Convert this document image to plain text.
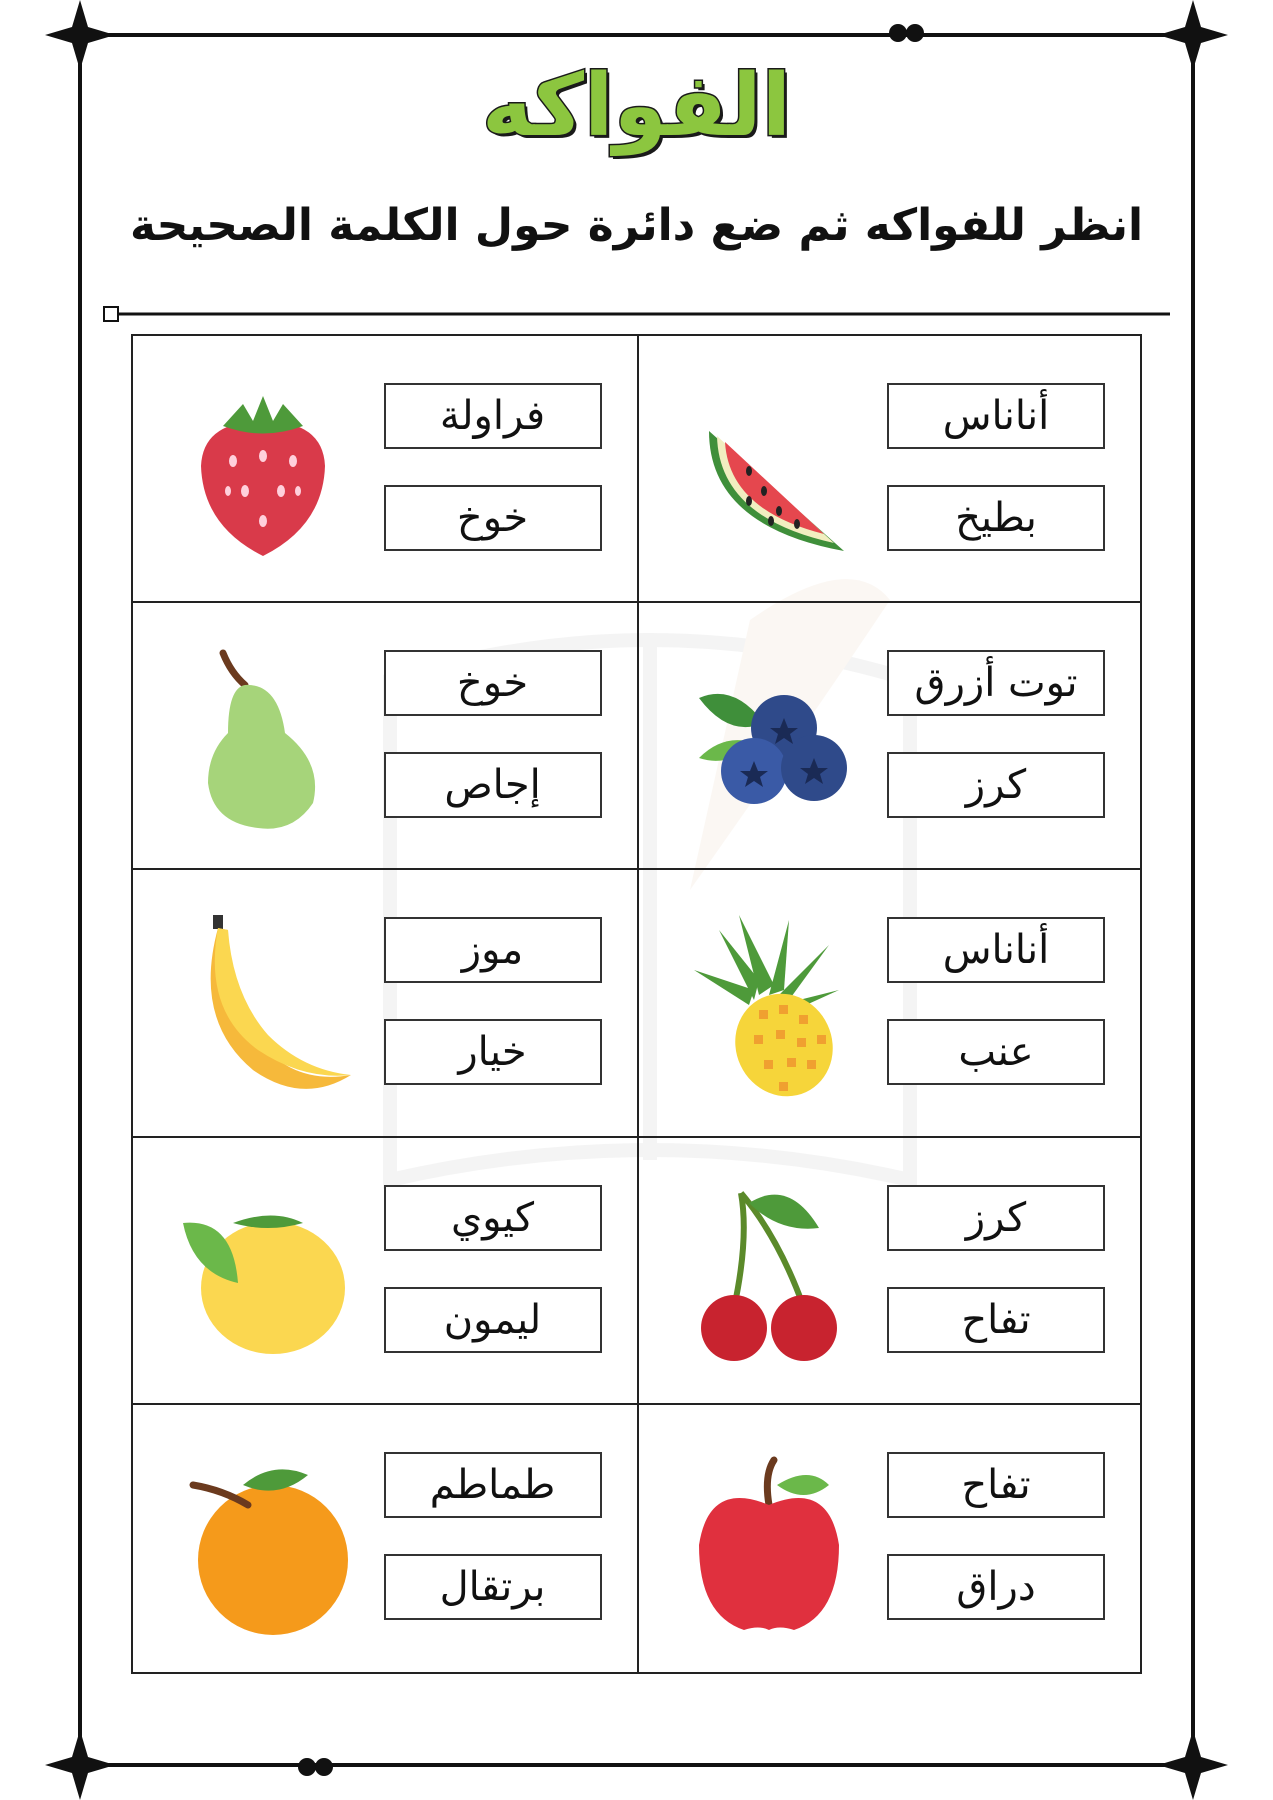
الفواكه
انظر للفواكه ثم ضع دائرة حول الكلمة الصحيحة
أناناس
بطيخ
فراولة
خوخ
توت أزرق
كرز
خوخ
إجاص
أناناس
عنب
موز
خيار
كرز
تفاح
كيوي
ليمون
تفاح
دراق
طماطم
برتقال
